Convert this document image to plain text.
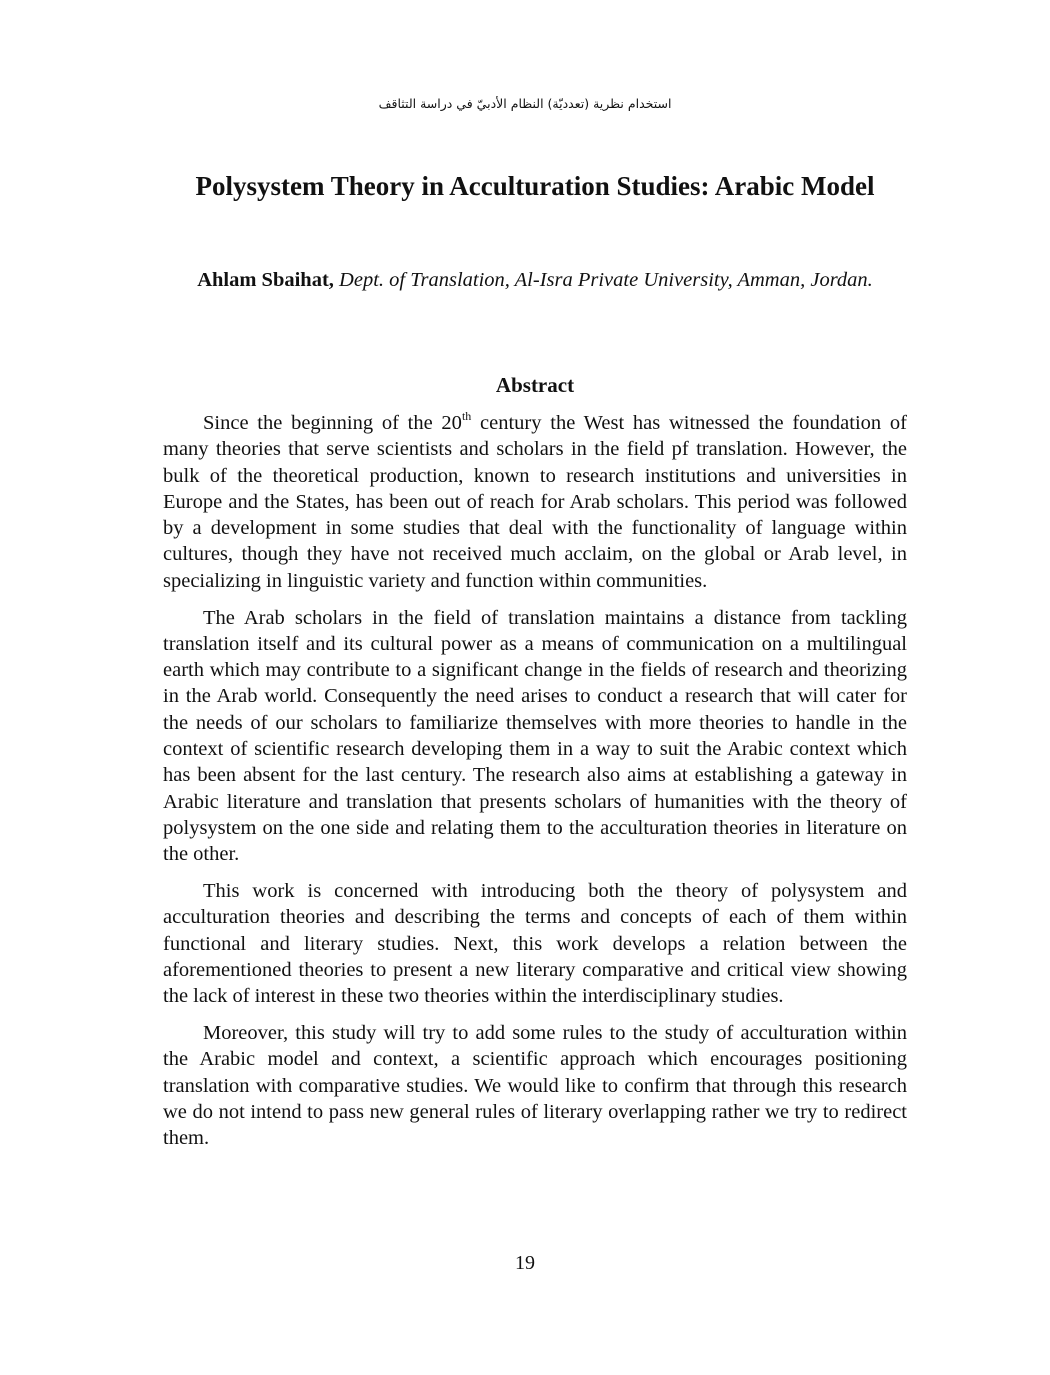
استخدام نظرية (تعدديّة) النظام الأدبيّ في دراسة التثاقف
Polysystem Theory in Acculturation Studies: Arabic Model
Ahlam Sbaihat, Dept. of Translation, Al-Isra Private University, Amman, Jordan.
Abstract

Since the beginning of the 20th century the West has witnessed the foundation of many theories that serve scientists and scholars in the field pf translation. However, the bulk of the theoretical production, known to research institutions and universities in Europe and the States, has been out of reach for Arab scholars. This period was followed by a development in some studies that deal with the functionality of language within cultures, though they have not received much acclaim, on the global or Arab level, in specializing in linguistic variety and function within communities.

The Arab scholars in the field of translation maintains a distance from tackling translation itself and its cultural power as a means of communication on a multilingual earth which may contribute to a significant change in the fields of research and theorizing in the Arab world. Consequently the need arises to conduct a research that will cater for the needs of our scholars to familiarize themselves with more theories to handle in the context of scientific research developing them in a way to suit the Arabic context which has been absent for the last century. The research also aims at establishing a gateway in Arabic literature and translation that presents scholars of humanities with the theory of polysystem on the one side and relating them to the acculturation theories in literature on the other.

This work is concerned with introducing both the theory of polysystem and acculturation theories and describing the terms and concepts of each of them within functional and literary studies. Next, this work develops a relation between the aforementioned theories to present a new literary comparative and critical view showing the lack of interest in these two theories within the interdisciplinary studies.

Moreover, this study will try to add some rules to the study of acculturation within the Arabic model and context, a scientific approach which encourages positioning translation with comparative studies. We would like to confirm that through this research we do not intend to pass new general rules of literary overlapping rather we try to redirect them.

19
